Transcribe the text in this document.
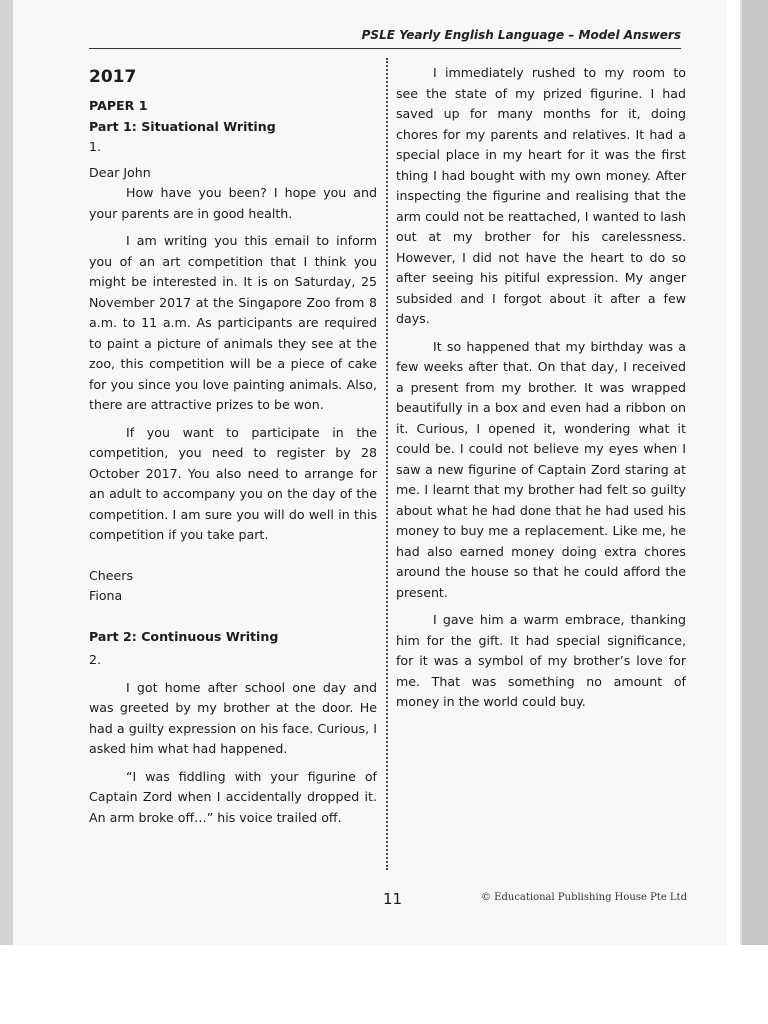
PSLE Yearly English Language – Model Answers

2017

PAPER 1

Part 1: Situational Writing

1.

Dear John

How have you been? I hope you and your parents are in good health.

I am writing you this email to inform you of an art competition that I think you might be interested in. It is on Saturday, 25 November 2017 at the Singapore Zoo from 8 a.m. to 11 a.m. As participants are required to paint a picture of animals they see at the zoo, this competition will be a piece of cake for you since you love painting animals. Also, there are attractive prizes to be won.

If you want to participate in the competition, you need to register by 28 October 2017. You also need to arrange for an adult to accompany you on the day of the competition. I am sure you will do well in this competition if you take part.

Cheers

Fiona

Part 2: Continuous Writing

2.

I got home after school one day and was greeted by my brother at the door. He had a guilty expression on his face. Curious, I asked him what had happened.

“I was fiddling with your figurine of Captain Zord when I accidentally dropped it. An arm broke off…” his voice trailed off.

I immediately rushed to my room to see the state of my prized figurine. I had saved up for many months for it, doing chores for my parents and relatives. It had a special place in my heart for it was the first thing I had bought with my own money. After inspecting the figurine and realising that the arm could not be reattached, I wanted to lash out at my brother for his carelessness. However, I did not have the heart to do so after seeing his pitiful expression. My anger subsided and I forgot about it after a few days.

It so happened that my birthday was a few weeks after that. On that day, I received a present from my brother. It was wrapped beautifully in a box and even had a ribbon on it. Curious, I opened it, wondering what it could be. I could not believe my eyes when I saw a new figurine of Captain Zord staring at me. I learnt that my brother had felt so guilty about what he had done that he had used his money to buy me a replacement. Like me, he had also earned money doing extra chores around the house so that he could afford the present.

I gave him a warm embrace, thanking him for the gift. It had special significance, for it was a symbol of my brother’s love for me. That was something no amount of money in the world could buy.

11	© Educational Publishing House Pte Ltd
